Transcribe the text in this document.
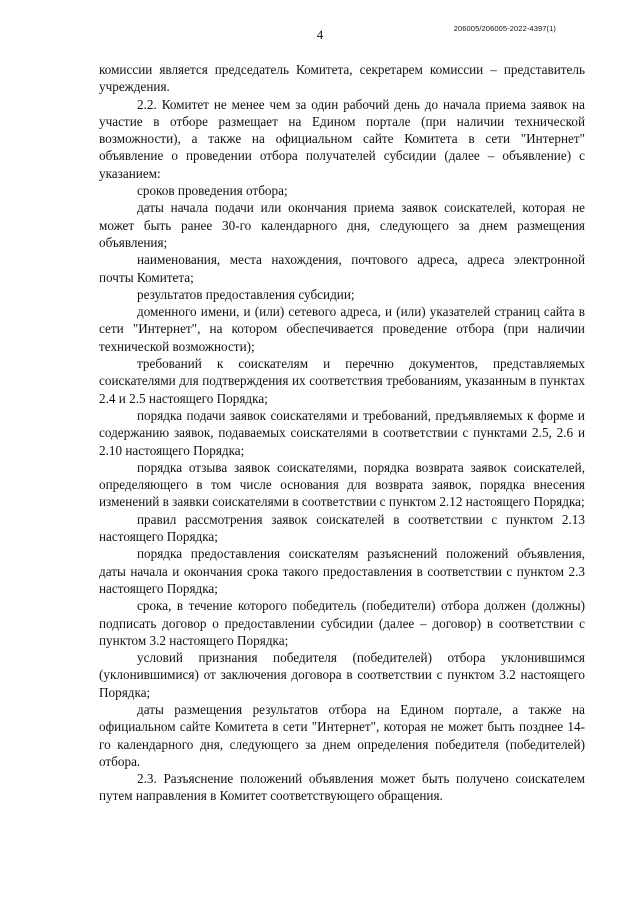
4	206005/206005-2022-4397(1)

комиссии является председатель Комитета, секретарем комиссии – представитель учреждения.

2.2. Комитет не менее чем за один рабочий день до начала приема заявок на участие в отборе размещает на Едином портале (при наличии технической возможности), а также на официальном сайте Комитета в сети "Интернет" объявление о проведении отбора получателей субсидии (далее – объявление) с указанием:

сроков проведения отбора;

даты начала подачи или окончания приема заявок соискателей, которая не может быть ранее 30-го календарного дня, следующего за днем размещения объявления;

наименования, места нахождения, почтового адреса, адреса электронной почты Комитета;

результатов предоставления субсидии;

доменного имени, и (или) сетевого адреса, и (или) указателей страниц сайта в сети "Интернет", на котором обеспечивается проведение отбора (при наличии технической возможности);

требований к соискателям и перечню документов, представляемых соискателями для подтверждения их соответствия требованиям, указанным в пунктах 2.4 и 2.5 настоящего Порядка;

порядка подачи заявок соискателями и требований, предъявляемых к форме и содержанию заявок, подаваемых соискателями в соответствии с пунктами 2.5, 2.6 и 2.10 настоящего Порядка;

порядка отзыва заявок соискателями, порядка возврата заявок соискателей, определяющего в том числе основания для возврата заявок, порядка внесения изменений в заявки соискателями в соответствии с пунктом 2.12 настоящего Порядка;

правил рассмотрения заявок соискателей в соответствии с пунктом 2.13 настоящего Порядка;

порядка предоставления соискателям разъяснений положений объявления, даты начала и окончания срока такого предоставления в соответствии с пунктом 2.3 настоящего Порядка;

срока, в течение которого победитель (победители) отбора должен (должны) подписать договор о предоставлении субсидии (далее – договор) в соответствии с пунктом 3.2 настоящего Порядка;

условий признания победителя (победителей) отбора уклонившимся (уклонившимися) от заключения договора в соответствии с пунктом 3.2 настоящего Порядка;

даты размещения результатов отбора на Едином портале, а также на официальном сайте Комитета в сети "Интернет", которая не может быть позднее 14-го календарного дня, следующего за днем определения победителя (победителей) отбора.

2.3. Разъяснение положений объявления может быть получено соискателем путем направления в Комитет соответствующего обращения.
